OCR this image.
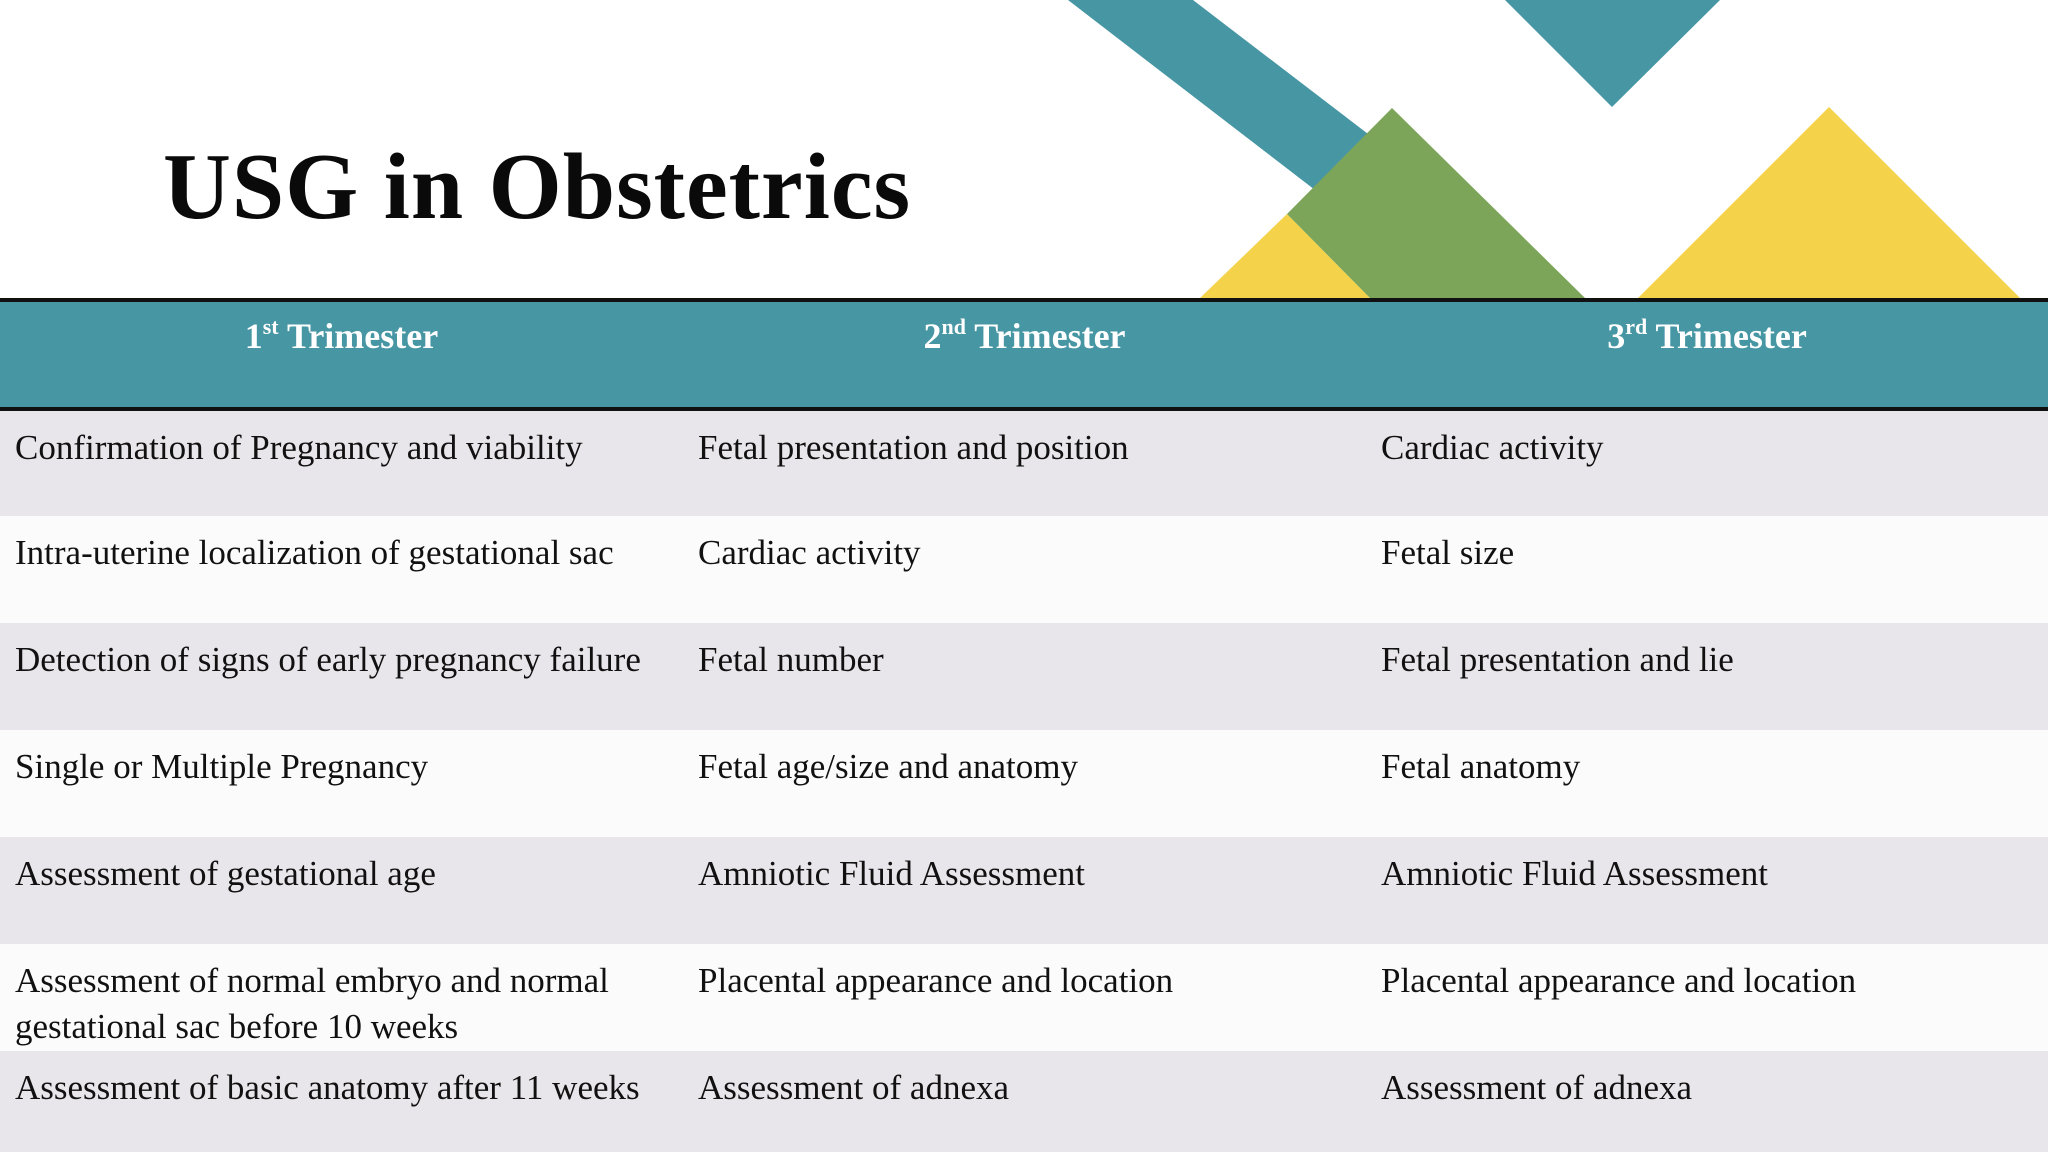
USG in Obstetrics
1st Trimester	2nd Trimester	3rd Trimester
Confirmation of Pregnancy and viability	Fetal presentation and position	Cardiac activity
Intra-uterine localization of gestational sac	Cardiac activity	Fetal size
Detection of signs of early pregnancy failure	Fetal number	Fetal presentation and lie
Single or Multiple Pregnancy	Fetal age/size and anatomy	Fetal anatomy
Assessment of gestational age	Amniotic Fluid Assessment	Amniotic Fluid Assessment
Assessment of normal embryo and normal gestational sac before 10 weeks	Placental appearance and location	Placental appearance and location
Assessment of basic anatomy after 11 weeks	Assessment of adnexa	Assessment of adnexa
